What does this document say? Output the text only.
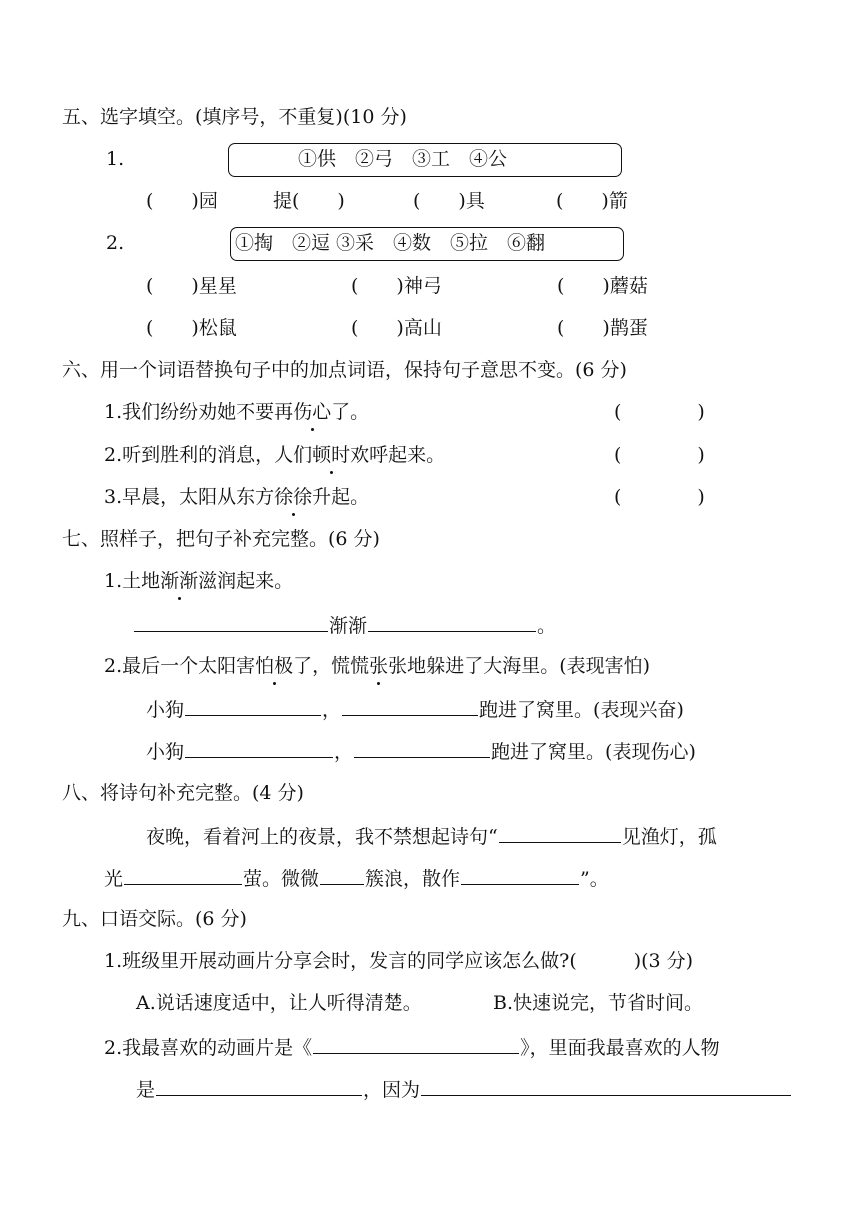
五、选字填空。(填序号，不重复)(10 分)
1.	①供　②弓　③工　④公
(　　)园	提(　　)	(　　)具	(　　)箭
2.	①掏　②逗 ③采　④数　⑤拉　⑥翻
(　　)星星	(　　)神弓	(　　)蘑菇
(　　)松鼠	(　　)高山	(　　)鹊蛋
六、用一个词语替换句子中的加点词语，保持句子意思不变。(6 分)
1.我们纷纷劝她不要再伤心了。	(　　　　)
2.听到胜利的消息，人们顿时欢呼起来。	(　　　　)
3.早晨，太阳从东方徐徐升起。	(　　　　)
七、照样子，把句子补充完整。(6 分)
1.土地渐渐滋润起来。
渐渐	。
2.最后一个太阳害怕极了，慌慌张张地躲进了大海里。(表现害怕)
小狗	，	跑进了窝里。(表现兴奋)
小狗	，	跑进了窝里。(表现伤心)
八、将诗句补充完整。(4 分)
夜晚，看着河上的夜景，我不禁想起诗句“	见渔灯，孤
光	萤。微微 簇浪，散作	”。
九、口语交际。(6 分)
1.班级里开展动画片分享会时，发言的同学应该怎么做?(　　　)(3 分)
A.说话速度适中，让人听得清楚。	B.快速说完，节省时间。
2.我最喜欢的动画片是《	》，里面我最喜欢的人物
是	，因为
